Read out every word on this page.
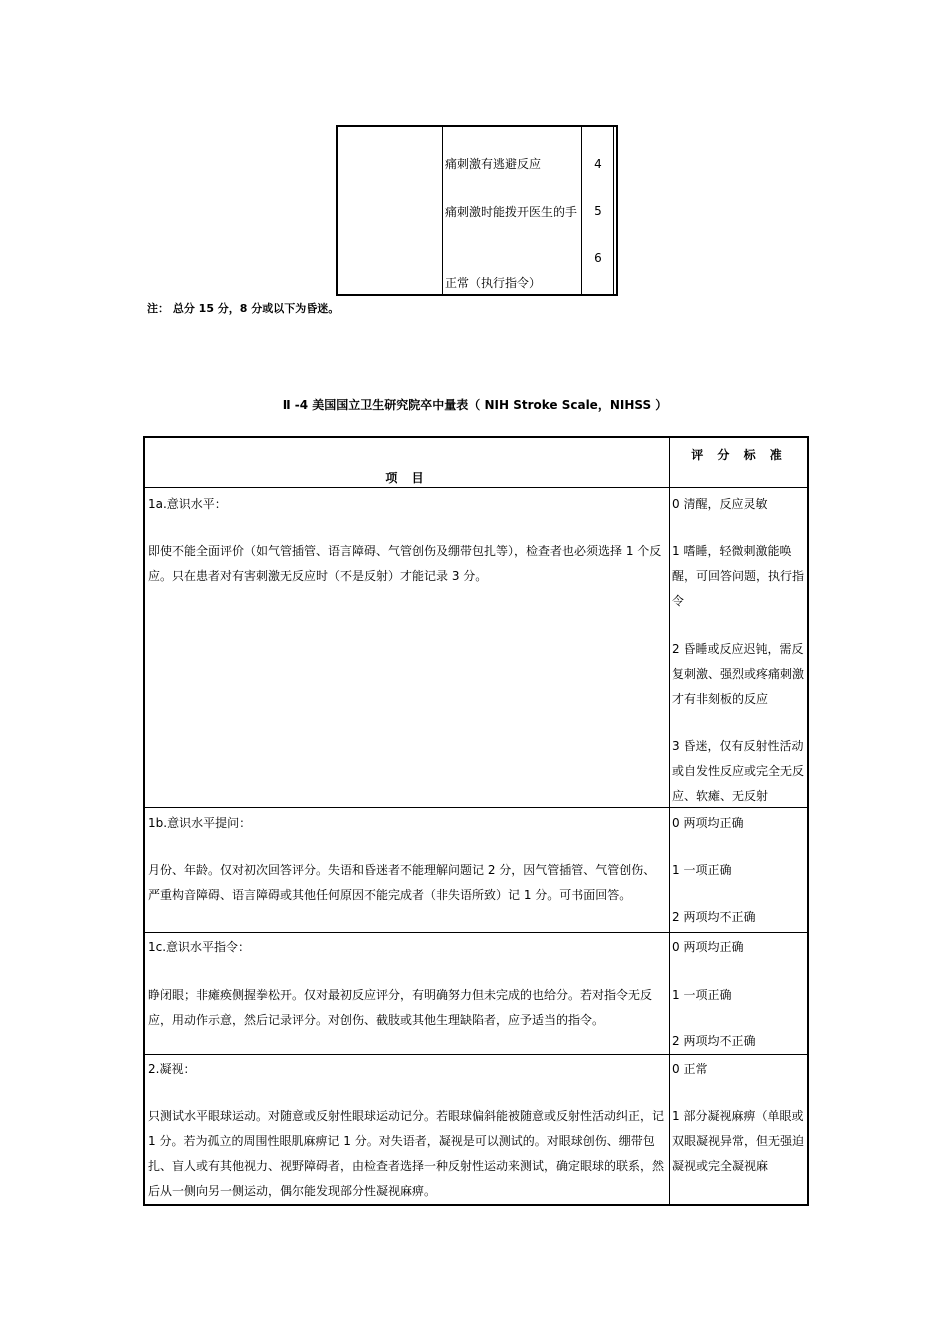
痛刺激有逃避反应
痛刺激时能拨开医生的手
正常（执行指令）
4
5
6
注： 总分 15 分，8 分或以下为昏迷。
Ⅱ -4 美国国立卫生研究院卒中量表（ NIH Stroke Scale，NIHSS ）
项 目
评 分 标 准
1a.意识水平：
即使不能全面评价（如气管插管、语言障碍、气管创伤及绷带包扎等），检查者也必须选择 1 个反应。只在患者对有害刺激无反应时（不是反射）才能记录 3 分。
0 清醒，反应灵敏
1 嗜睡，轻微刺激能唤醒，可回答问题，执行指令
2 昏睡或反应迟钝，需反复刺激、强烈或疼痛刺激才有非刻板的反应
3 昏迷，仅有反射性活动或自发性反应或完全无反应、软瘫、无反射
1b.意识水平提问：
月份、年龄。仅对初次回答评分。失语和昏迷者不能理解问题记 2 分，因气管插管、气管创伤、严重构音障碍、语言障碍或其他任何原因不能完成者（非失语所致）记 1 分。可书面回答。
0 两项均正确
1 一项正确
2 两项均不正确
1c.意识水平指令：
睁闭眼；非瘫痪侧握拳松开。仅对最初反应评分，有明确努力但未完成的也给分。若对指令无反应，用动作示意，然后记录评分。对创伤、截肢或其他生理缺陷者，应予适当的指令。
0 两项均正确
1 一项正确
2 两项均不正确
2.凝视：
只测试水平眼球运动。对随意或反射性眼球运动记分。若眼球偏斜能被随意或反射性活动纠正，记 1 分。若为孤立的周围性眼肌麻痹记 1 分。对失语者，凝视是可以测试的。对眼球创伤、绷带包扎、盲人或有其他视力、视野障碍者，由检查者选择一种反射性运动来测试，确定眼球的联系，然后从一侧向另一侧运动，偶尔能发现部分性凝视麻痹。
0 正常
1 部分凝视麻痹（单眼或双眼凝视异常，但无强迫凝视或完全凝视麻
